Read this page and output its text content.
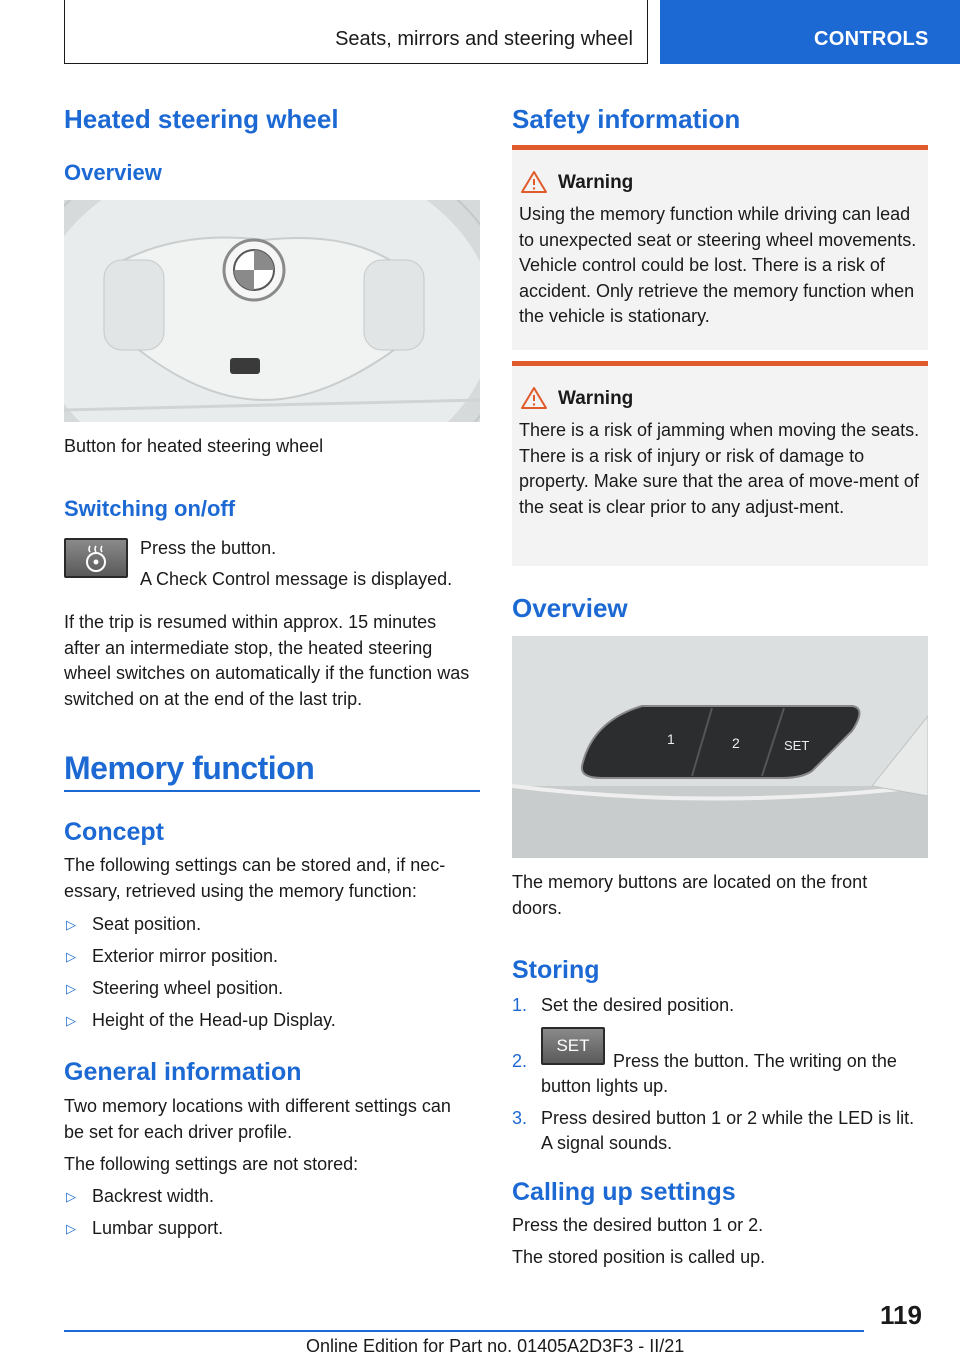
Seats, mirrors and steering wheel	CONTROLS
Heated steering wheel
Overview
Button for heated steering wheel
Switching on/off
Press the button.
A Check Control message is displayed.
If the trip is resumed within approx. 15 minutes after an intermediate stop, the heated steering wheel switches on automatically if the function was switched on at the end of the last trip.
Memory function
Concept
The following settings can be stored and, if nec-essary, retrieved using the memory function:
▷ Seat position.
▷ Exterior mirror position.
▷ Steering wheel position.
▷ Height of the Head-up Display.
General information
Two memory locations with different settings can be set for each driver profile.
The following settings are not stored:
▷ Backrest width.
▷ Lumbar support.
Safety information
Warning
Using the memory function while driving can lead to unexpected seat or steering wheel movements. Vehicle control could be lost. There is a risk of accident. Only retrieve the memory function when the vehicle is stationary.
Warning
There is a risk of jamming when moving the seats. There is a risk of injury or risk of damage to property. Make sure that the area of move-ment of the seat is clear prior to any adjust-ment.
Overview
1	2	SET
The memory buttons are located on the front doors.
Storing
1. Set the desired position.
2.
SET
Press the button. The writing on the button lights up.
3. Press desired button 1 or 2 while the LED is lit. A signal sounds.
Calling up settings
Press the desired button 1 or 2.
The stored position is called up.
119
Online Edition for Part no. 01405A2D3F3 - II/21
